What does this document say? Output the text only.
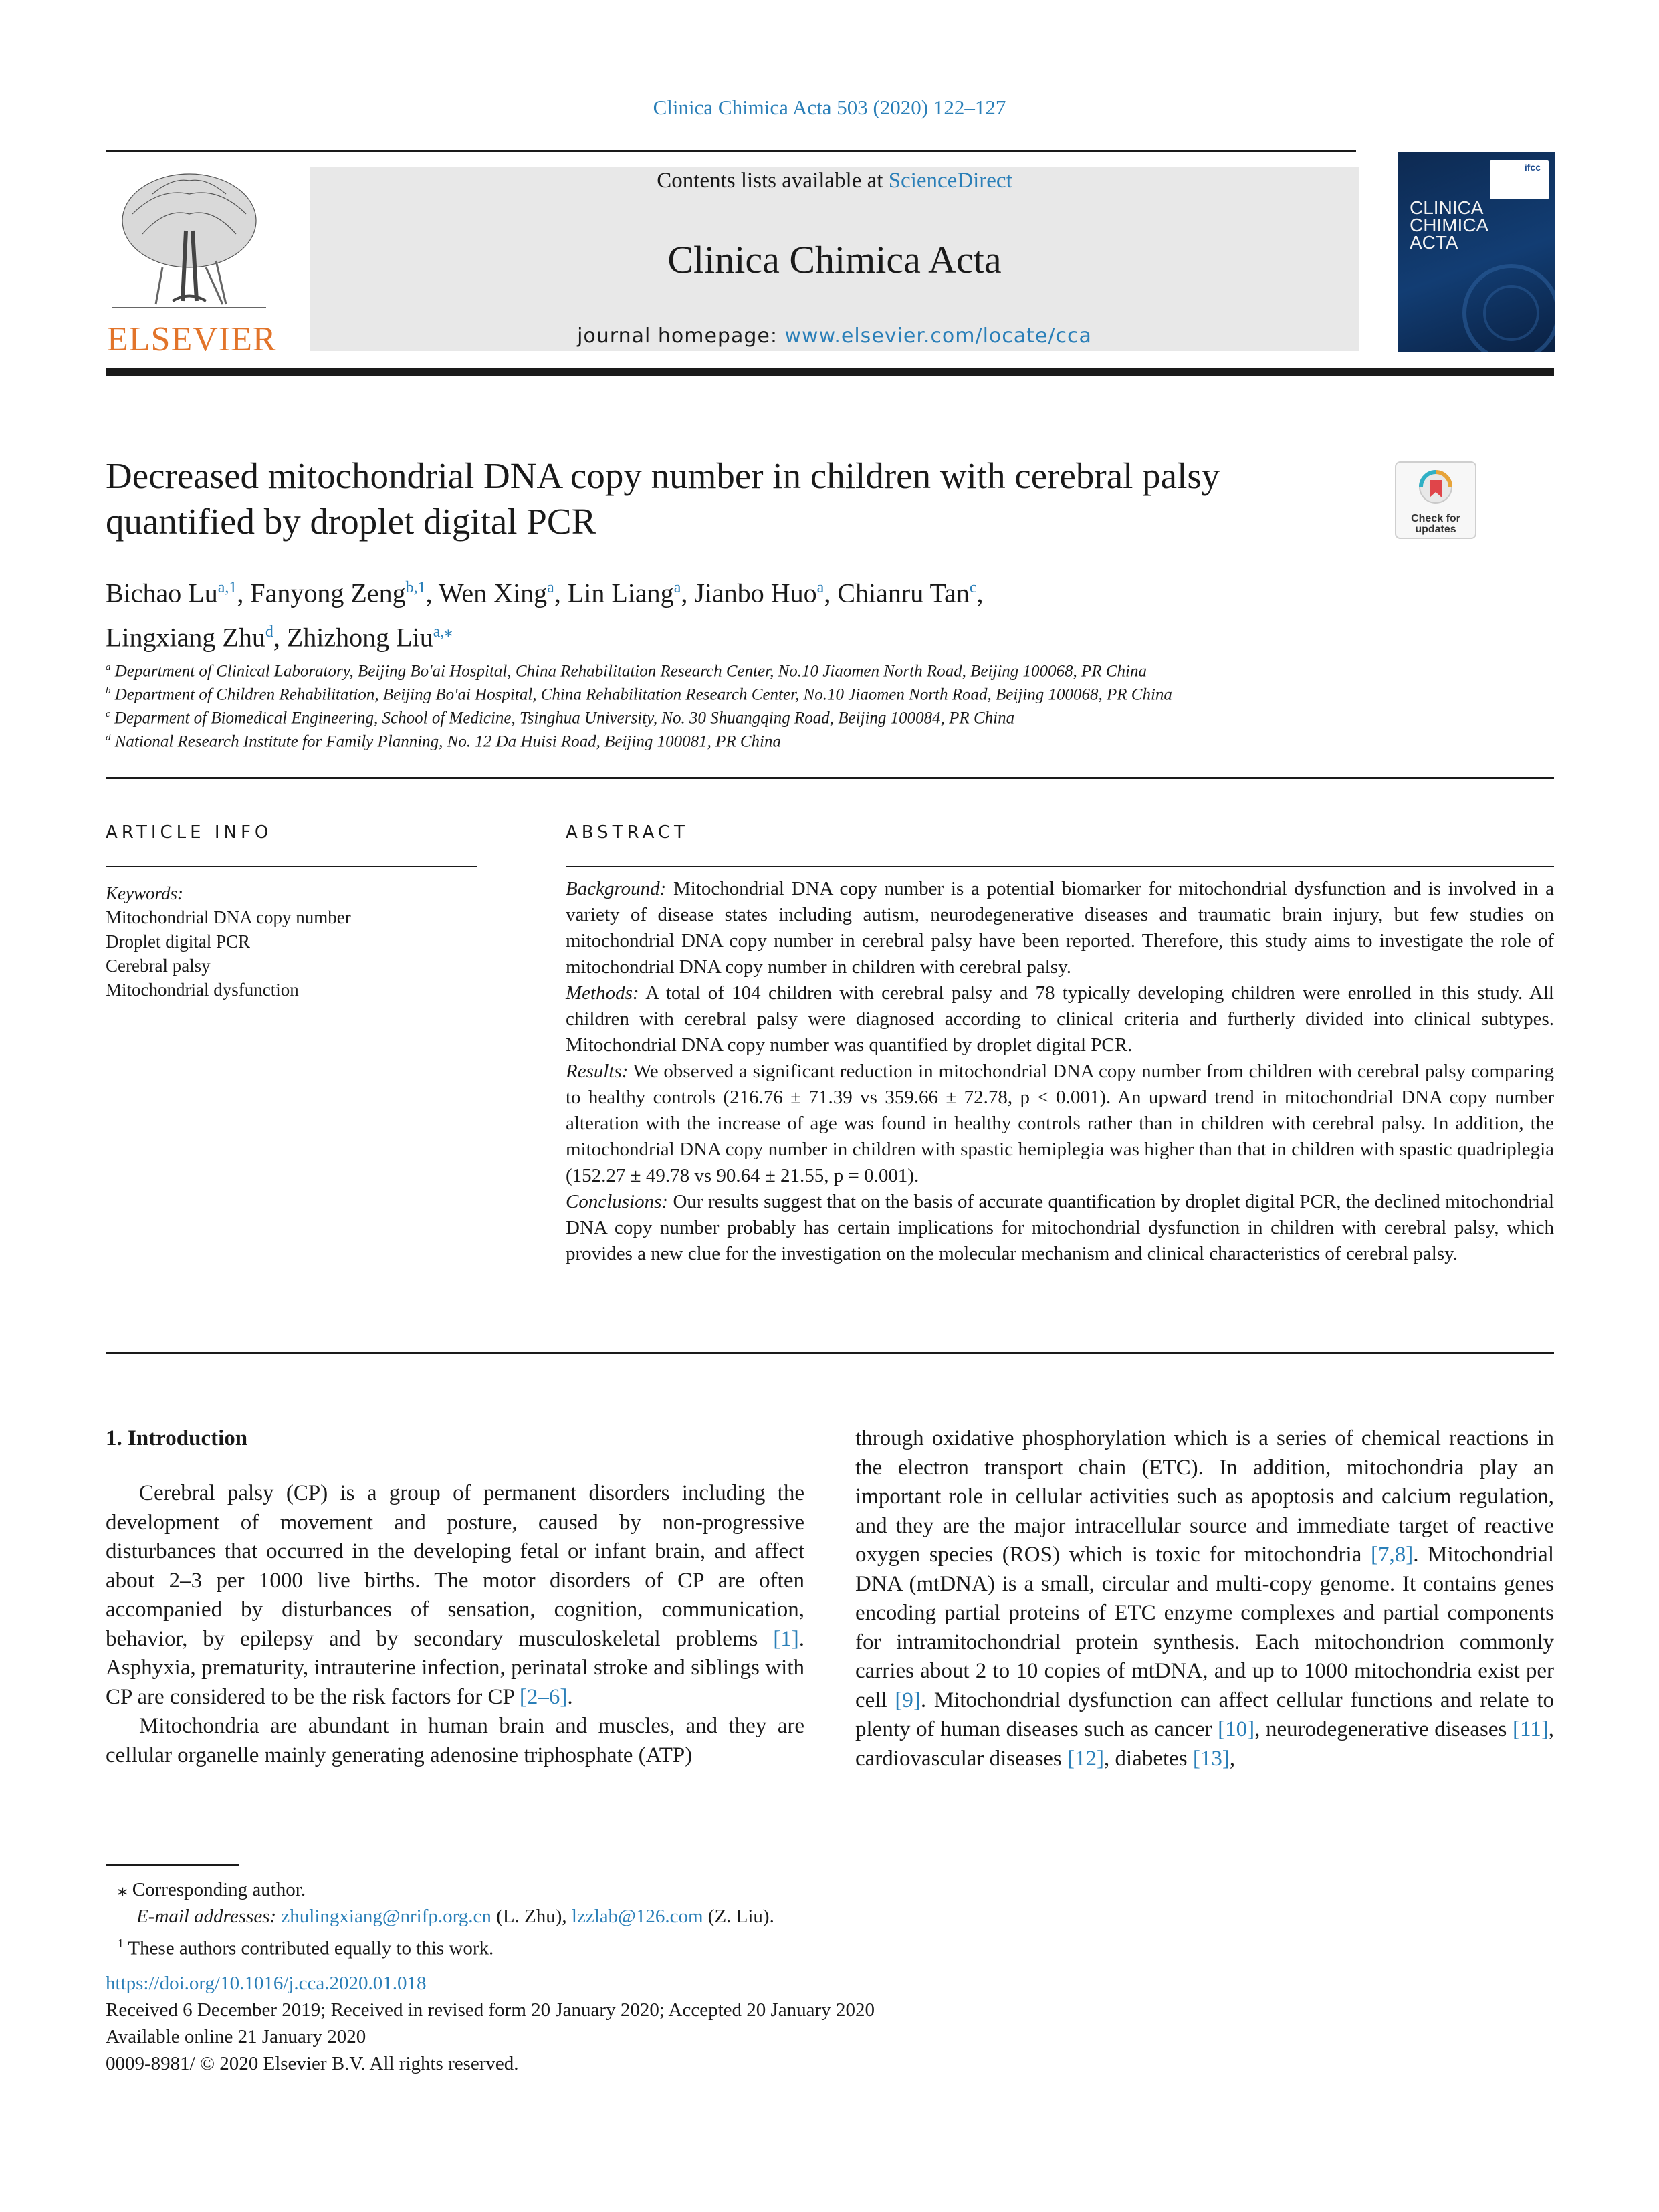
Clinica Chimica Acta 503 (2020) 122–127
ELSEVIER
Contents lists available at ScienceDirect
Clinica Chimica Acta
journal homepage: www.elsevier.com/locate/cca
ifcc
CLINICA
CHIMICA
ACTA
Decreased mitochondrial DNA copy number in children with cerebral palsy
quantified by droplet digital PCR	Check for
updates
Bichao Lu$^{a,1}$, Fanyong Zeng$^{b,1}$, Wen Xing$^a$, Lin Liang$^a$, Jianbo Huo$^a$, Chianru Tan$^c$,
Lingxiang Zhu$^d$, Zhizhong Liu$^{a,⁎}$
$^a$ Department of Clinical Laboratory, Beijing Bo'ai Hospital, China Rehabilitation Research Center, No.10 Jiaomen North Road, Beijing 100068, PR China
$^b$ Department of Children Rehabilitation, Beijing Bo'ai Hospital, China Rehabilitation Research Center, No.10 Jiaomen North Road, Beijing 100068, PR China
$^c$ Deparment of Biomedical Engineering, School of Medicine, Tsinghua University, No. 30 Shuangqing Road, Beijing 100084, PR China
$^d$ National Research Institute for Family Planning, No. 12 Da Huisi Road, Beijing 100081, PR China
ARTICLE INFO
Keywords:
Mitochondrial DNA copy number
Droplet digital PCR
Cerebral palsy
Mitochondrial dysfunction
ABSTRACT

Background: Mitochondrial DNA copy number is a potential biomarker for mitochondrial dysfunction and is involved in a variety of disease states including autism, neurodegenerative diseases and traumatic brain injury, but few studies on mitochondrial DNA copy number in cerebral palsy have been reported. Therefore, this study aims to investigate the role of mitochondrial DNA copy number in children with cerebral palsy.

Methods: A total of 104 children with cerebral palsy and 78 typically developing children were enrolled in this study. All children with cerebral palsy were diagnosed according to clinical criteria and furtherly divided into clinical subtypes. Mitochondrial DNA copy number was quantified by droplet digital PCR.

Results: We observed a significant reduction in mitochondrial DNA copy number from children with cerebral palsy comparing to healthy controls (216.76 ± 71.39 vs 359.66 ± 72.78, p < 0.001). An upward trend in mitochondrial DNA copy number alteration with the increase of age was found in healthy controls rather than in children with cerebral palsy. In addition, the mitochondrial DNA copy number in children with spastic hemiplegia was higher than that in children with spastic quadriplegia (152.27 ± 49.78 vs 90.64 ± 21.55, p = 0.001).

Conclusions: Our results suggest that on the basis of accurate quantification by droplet digital PCR, the declined mitochondrial DNA copy number probably has certain implications for mitochondrial dysfunction in children with cerebral palsy, which provides a new clue for the investigation on the molecular mechanism and clinical characteristics of cerebral palsy.

1. Introduction

Cerebral palsy (CP) is a group of permanent disorders including the development of movement and posture, caused by non-progressive disturbances that occurred in the developing fetal or infant brain, and affect about 2–3 per 1000 live births. The motor disorders of CP are often accompanied by disturbances of sensation, cognition, communication, behavior, by epilepsy and by secondary musculoskeletal problems [1]. Asphyxia, prematurity, intrauterine infection, perinatal stroke and siblings with CP are considered to be the risk factors for CP [2–6].

Mitochondria are abundant in human brain and muscles, and they are cellular organelle mainly generating adenosine triphosphate (ATP)

through oxidative phosphorylation which is a series of chemical reactions in the electron transport chain (ETC). In addition, mitochondria play an important role in cellular activities such as apoptosis and calcium regulation, and they are the major intracellular source and immediate target of reactive oxygen species (ROS) which is toxic for mitochondria [7,8]. Mitochondrial DNA (mtDNA) is a small, circular and multi-copy genome. It contains genes encoding partial proteins of ETC enzyme complexes and partial components for intramitochondrial protein synthesis. Each mitochondrion commonly carries about 2 to 10 copies of mtDNA, and up to 1000 mitochondria exist per cell [9]. Mitochondrial dysfunction can affect cellular functions and relate to plenty of human diseases such as cancer [10], neurodegenerative diseases [11], cardiovascular diseases [12], diabetes [13],

⁎ Corresponding author.
E-mail addresses: zhulingxiang@nrifp.org.cn (L. Zhu), lzzlab@126.com (Z. Liu).
$^1$ These authors contributed equally to this work.
https://doi.org/10.1016/j.cca.2020.01.018
Received 6 December 2019; Received in revised form 20 January 2020; Accepted 20 January 2020
Available online 21 January 2020
0009-8981/ © 2020 Elsevier B.V. All rights reserved.
